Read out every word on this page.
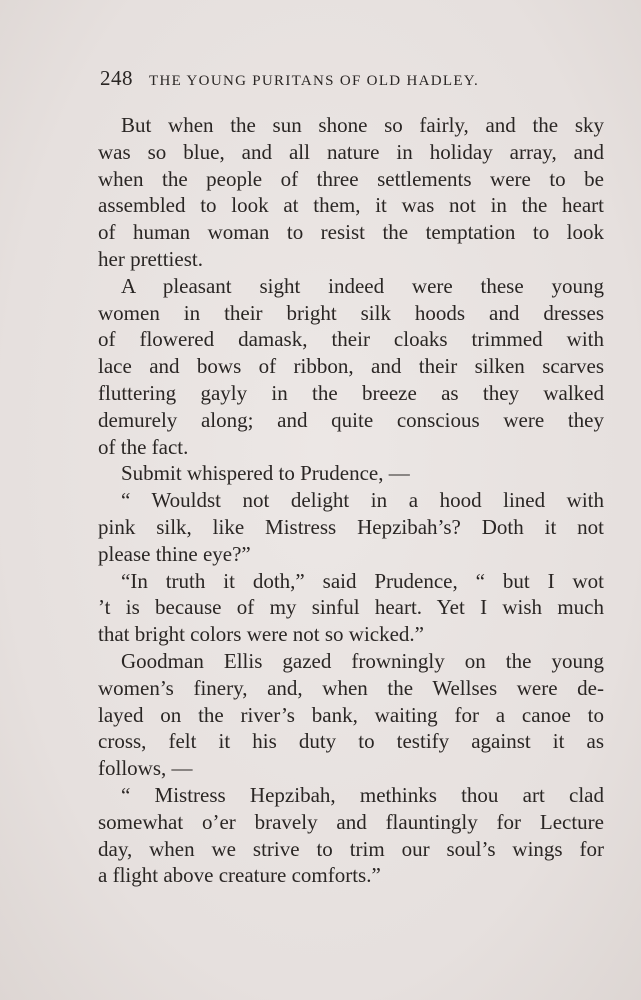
248 THE YOUNG PURITANS OF OLD HADLEY.

But when the sun shone so fairly, and the sky

was so blue, and all nature in holiday array, and

when the people of three settlements were to be

assembled to look at them, it was not in the heart

of human woman to resist the temptation to look

her prettiest.

A pleasant sight indeed were these young

women in their bright silk hoods and dresses

of flowered damask, their cloaks trimmed with

lace and bows of ribbon, and their silken scarves

fluttering gayly in the breeze as they walked

demurely along; and quite conscious were they

of the fact.

Submit whispered to Prudence, —

“ Wouldst not delight in a hood lined with

pink silk, like Mistress Hepzibah’s? Doth it not

please thine eye?”

“In truth it doth,” said Prudence, “ but I wot

’t is because of my sinful heart. Yet I wish much

that bright colors were not so wicked.”

Goodman Ellis gazed frowningly on the young

women’s finery, and, when the Wellses were de-

layed on the river’s bank, waiting for a canoe to

cross, felt it his duty to testify against it as

follows, —

“ Mistress Hepzibah, methinks thou art clad

somewhat o’er bravely and flauntingly for Lecture

day, when we strive to trim our soul’s wings for

a flight above creature comforts.”
